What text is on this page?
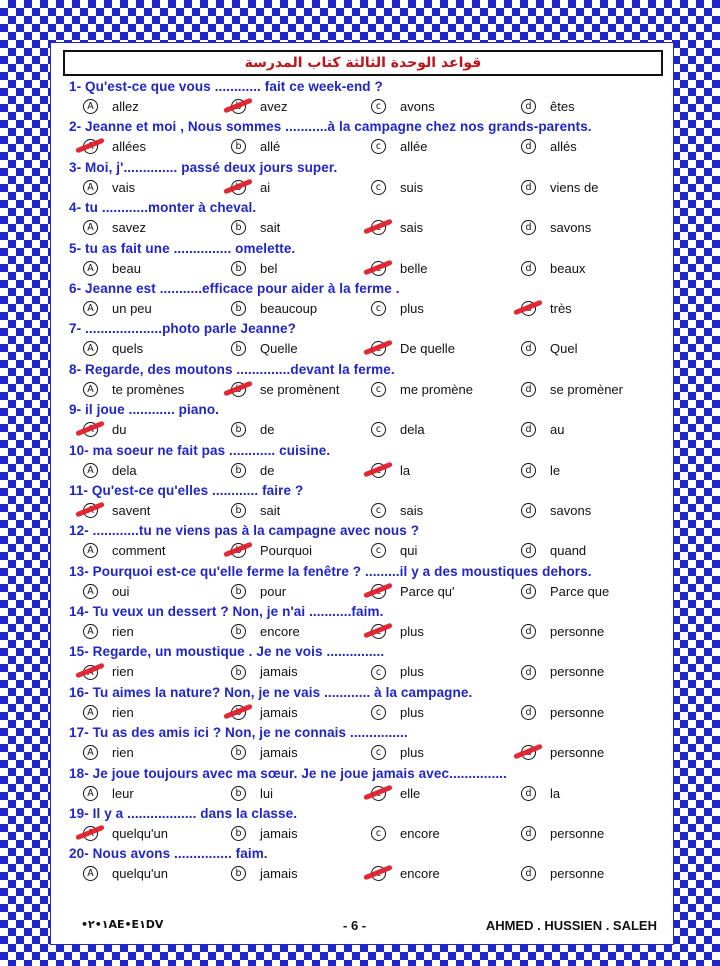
قواعد الوحدة الثالثة كتاب المدرسة
1- Qu'est-ce que vous ............ fait ce week-end ?
A allez	avez	c avons	d êtes
2- Jeanne et moi , Nous sommes ...........à la campagne chez nos grands-parents.
allées	b allé	c allée	d allés
3- Moi, j'.............. passé deux jours super.
A vais	ai	c suis	d viens de
4- tu ............monter à cheval.
A savez	b sait	sais	d savons
5- tu as fait une ............... omelette.
A beau	b bel	belle	d beaux
6- Jeanne est ...........efficace pour aider à la ferme .
A un peu	b beaucoup	c plus	très
7- ....................photo parle Jeanne?
A quels	b Quelle	De quelle	d Quel
8- Regarde, des moutons ..............devant la ferme.
A te promènes	se promènent	c me promène	d se promèner
9- il joue ............ piano.
du	b de	c dela	d au
10- ma soeur ne fait pas ............ cuisine.
A dela	b de	la	d le
11- Qu'est-ce qu'elles ............ faire ?
savent	b sait	c sais	d savons
12- ............tu ne viens pas à la campagne avec nous ?
A comment	Pourquoi	c qui	d quand
13- Pourquoi est-ce qu'elle ferme la fenêtre ? .........il y a des moustiques dehors.
A oui	b pour	Parce qu'	d Parce que
14- Tu veux un dessert ? Non, je n'ai ...........faim.
A rien	b encore	plus	d personne
15- Regarde, un moustique . Je ne vois ...............
rien	b jamais	c plus	d personne
16- Tu aimes la nature? Non, je ne vais ............ à la campagne.
A rien	jamais	c plus	d personne
17- Tu as des amis ici ? Non, je ne connais ...............
A rien	b jamais	c plus	personne
18- Je joue toujours avec ma sœur. Je ne joue jamais avec...............
A leur	b lui	elle	d la
19- Il y a .................. dans la classe.
quelqu'un	b jamais	c encore	d personne
20- Nous avons ............... faim.
A quelqu'un	b jamais	encore	d personne
•١•٢AE•E١DV	- 6 -	AHMED . HUSSIEN . SALEH
